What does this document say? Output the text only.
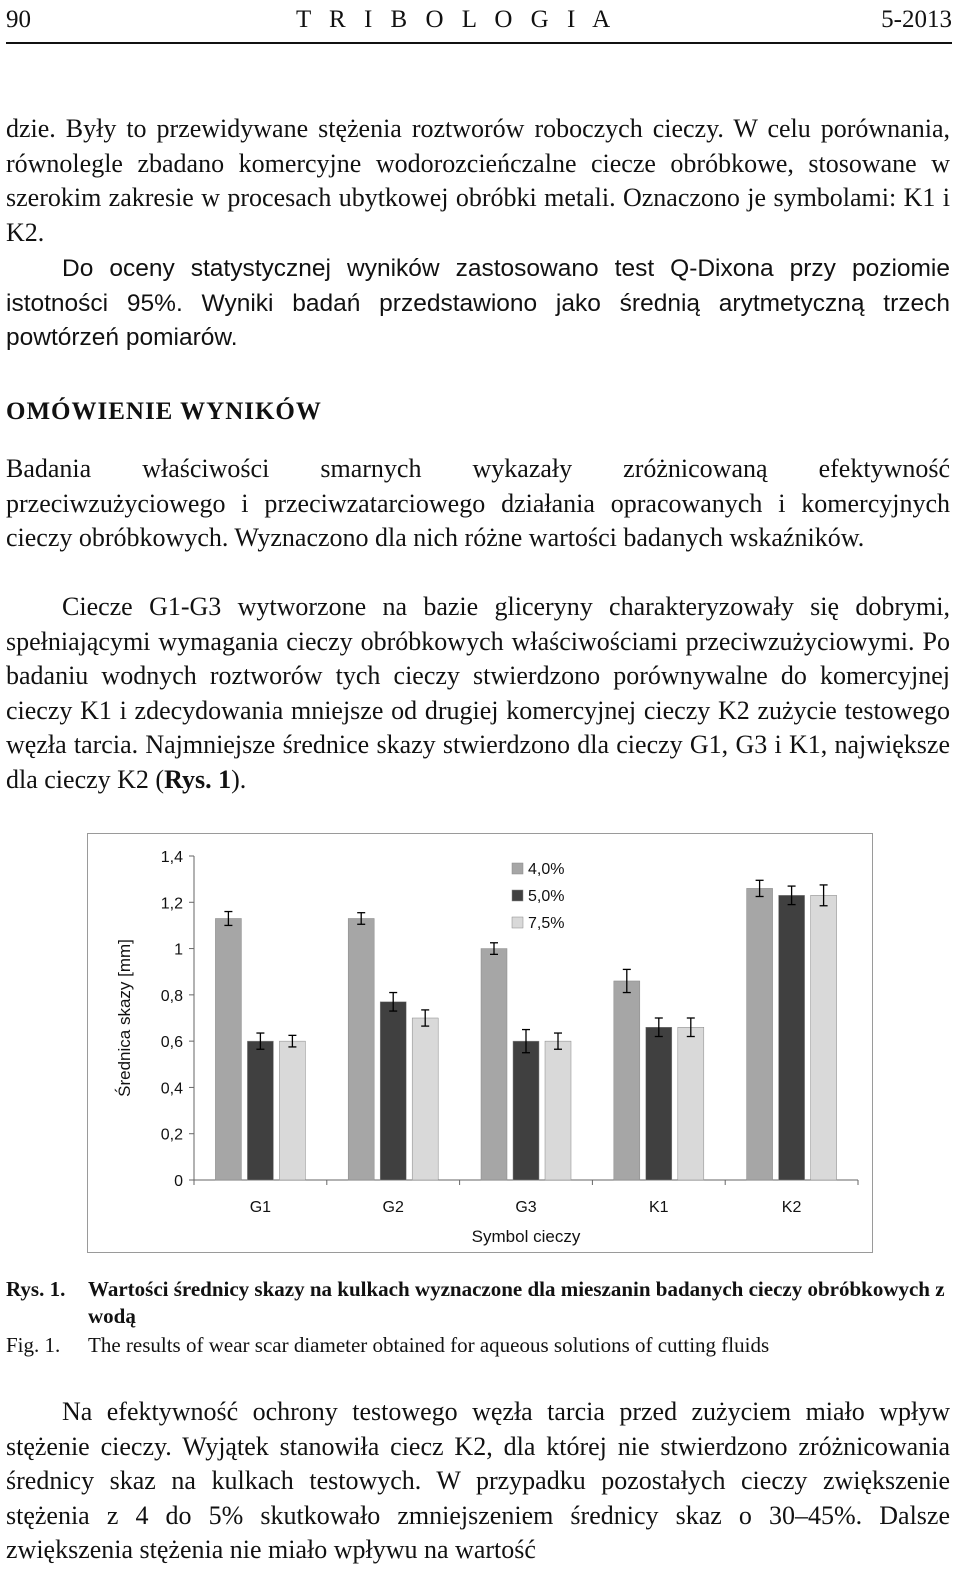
90	T R I B O L O G I A	5-2013

dzie. Były to przewidywane stężenia roztworów roboczych cieczy. W celu porównania, równolegle zbadano komercyjne wodorozcieńczalne ciecze obróbkowe, stosowane w szerokim zakresie w procesach ubytkowej obróbki metali. Oznaczono je symbolami: K1 i K2.

Do oceny statystycznej wyników zastosowano test Q-Dixona przy poziomie istotności 95%. Wyniki badań przedstawiono jako średnią arytmetyczną trzech powtórzeń pomiarów.

OMÓWIENIE WYNIKÓW

Badania właściwości smarnych wykazały zróżnicowaną efektywność przeciwzużyciowego i przeciwzatarciowego działania opracowanych i komercyjnych cieczy obróbkowych. Wyznaczono dla nich różne wartości badanych wskaźników.

Ciecze G1-G3 wytworzone na bazie gliceryny charakteryzowały się dobrymi, spełniającymi wymagania cieczy obróbkowych właściwościami przeciwzużyciowymi. Po badaniu wodnych roztworów tych cieczy stwierdzono porównywalne do komercyjnej cieczy K1 i zdecydowania mniejsze od drugiej komercyjnej cieczy K2 zużycie testowego węzła tarcia. Najmniejsze średnice skazy stwierdzono dla cieczy G1, G3 i K1, największe dla cieczy K2 (Rys. 1).

0
0,2
0,4
0,6
0,8
1
1,2
1,4
G1	G2	G3	K1	K2
Symbol cieczy
Średnica skazy [mm]
4,0%
5,0%
7,5%
Rys. 1. Wartości średnicy skazy na kulkach wyznaczone dla mieszanin badanych cieczy obróbkowych z wodą
Fig. 1. The results of wear scar diameter obtained for aqueous solutions of cutting fluids

Na efektywność ochrony testowego węzła tarcia przed zużyciem miało wpływ stężenie cieczy. Wyjątek stanowiła ciecz K2, dla której nie stwierdzono zróżnicowania średnicy skaz na kulkach testowych. W przypadku pozostałych cieczy zwiększenie stężenia z 4 do 5% skutkowało zmniejszeniem średnicy skaz o 30–45%. Dalsze zwiększenia stężenia nie miało wpływu na wartość
